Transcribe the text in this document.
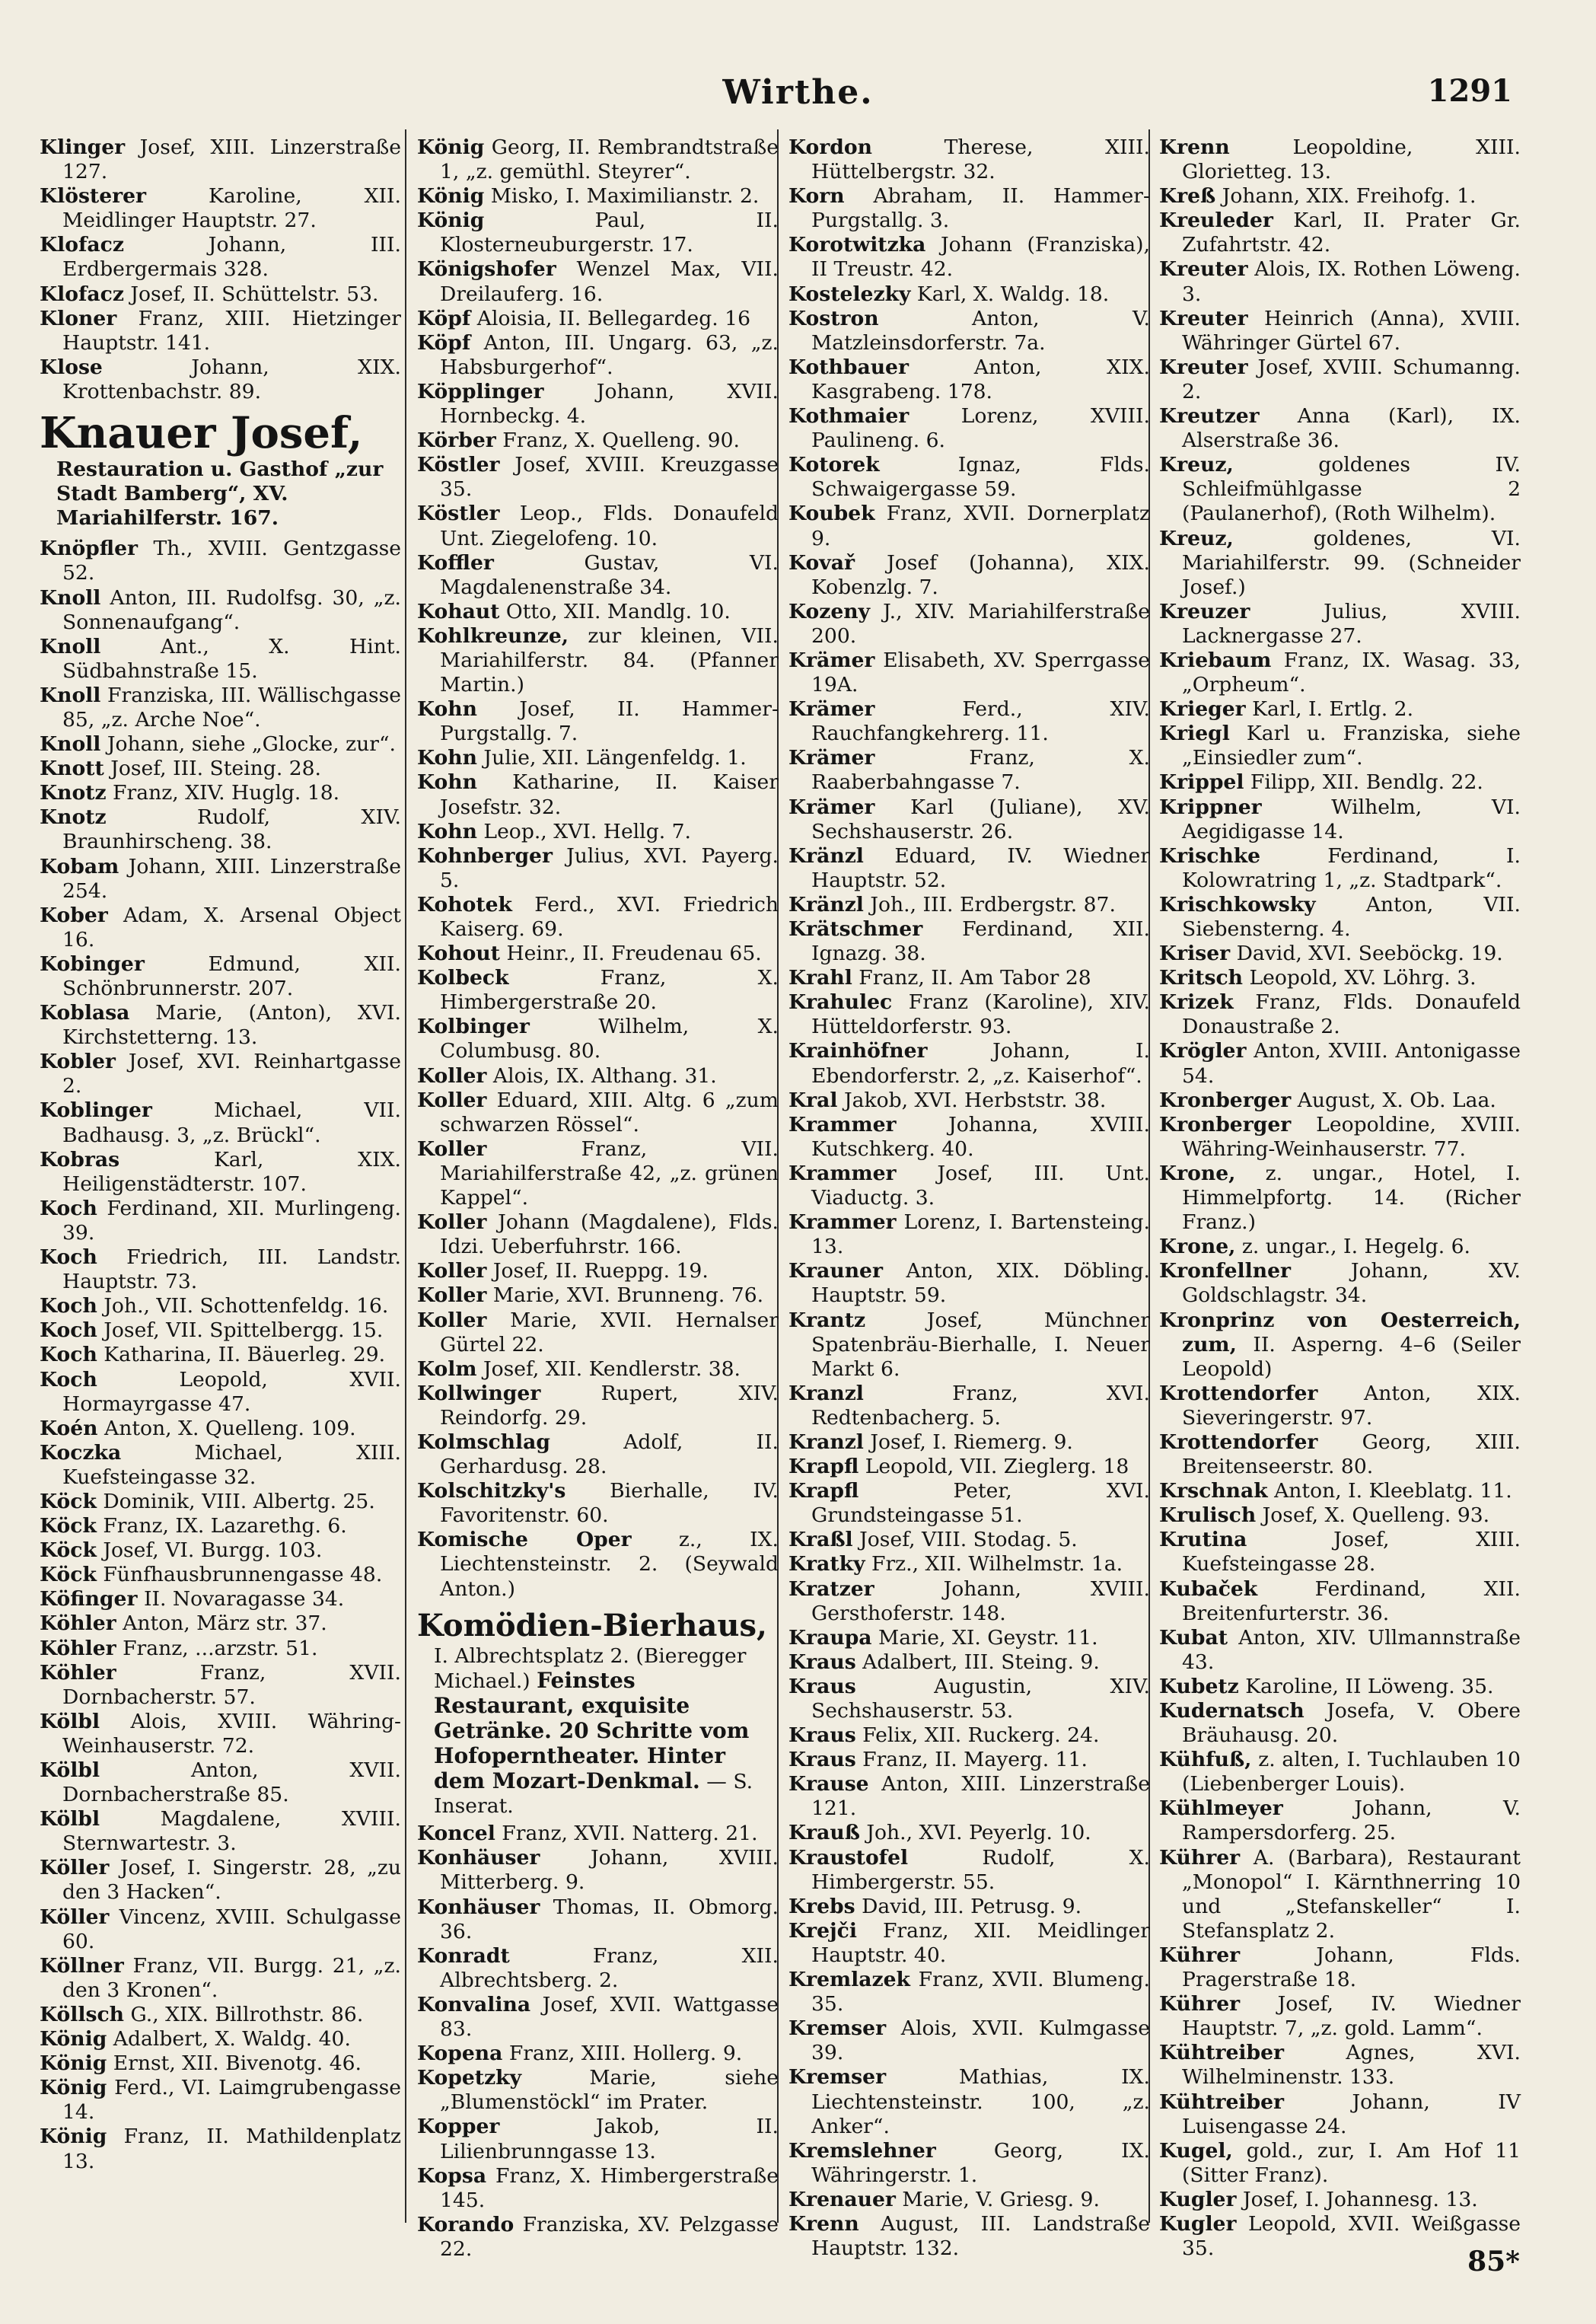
Wirthe.	1291
Klinger Josef, XIII. Linzerstraße 127.
Klösterer	Karoline, XII. Meidlinger Hauptstr. 27.
Klofacz	Johann, III. Erdbergermais 328.
Klofacz Josef, II. Schüttelstr. 53.
Kloner Franz, XIII. Hietzinger Hauptstr. 141.
Klose	Johann, XIX. Krottenbachstr. 89.
Knauer Josef,
Restauration u. Gasthof „zur Stadt Bamberg“, XV. Mariahilferstr. 167.
Knöpfler Th., XVIII. Gentzgasse 52.
Knoll Anton, III. Rudolfsg. 30, „z. Sonnenaufgang“.
Knoll	Ant., X. Hint. Südbahnstraße 15.
Knoll Franziska, III. Wällischgasse 85, „z. Arche Noe“.
Knoll Johann, siehe „Glocke, zur“.
Knott Josef, III. Steing. 28.
Knotz Franz, XIV. Huglg. 18.
Knotz	Rudolf, XIV. Braunhirscheng. 38.
Kobam Johann, XIII. Linzerstraße 254.
Kober Adam, X. Arsenal Object 16.
Kobinger	Edmund, XII. Schönbrunnerstr. 207.
Koblasa Marie, (Anton), XVI. Kirchstetterng. 13.
Kobler Josef, XVI. Reinhartgasse 2.
Koblinger	Michael, VII. Badhausg. 3, „z. Brückl“.
Kobras	Karl, XIX. Heiligenstädterstr. 107.
Koch Ferdinand, XII. Murlingeng. 39.
Koch Friedrich, III. Landstr. Hauptstr. 73.
Koch Joh., VII. Schottenfeldg. 16.
Koch Josef, VII. Spittelbergg. 15.
Koch Katharina, II. Bäuerleg. 29.
Koch	Leopold, XVII. Hormayrgasse 47.
Koén Anton, X. Quelleng. 109.
Koczka	Michael, XIII. Kuefsteingasse 32.
Köck Dominik, VIII. Albertg. 25.
Köck Franz, IX. Lazarethg. 6.
Köck Josef, VI. Burgg. 103.
Köck Fünfhausbrunnengasse 48.
Köfinger II. Novaragasse 34.
Köhler Anton, März str. 37.
Köhler Franz, ...arzstr. 51.
Köhler	Franz, XVII. Dornbacherstr. 57.
Kölbl Alois, XVIII. Währing-Weinhauserstr. 72.
Kölbl	Anton, XVII. Dornbacherstraße 85.
Kölbl	Magdalene, XVIII. Sternwartestr. 3.
Köller Josef, I. Singerstr. 28, „zu den 3 Hacken“.
Köller Vincenz, XVIII. Schulgasse 60.
Köllner Franz, VII. Burgg. 21, „z. den 3 Kronen“.
Köllsch G., XIX. Billrothstr. 86.
König Adalbert, X. Waldg. 40.
König Ernst, XII. Bivenotg. 46.
König Ferd., VI. Laimgrubengasse 14.
König Franz, II. Mathildenplatz 13.
König Georg, II. Rembrandtstraße 1, „z. gemüthl. Steyrer“.
König Misko, I. Maximilianstr. 2.
König	Paul, II. Klosterneuburgerstr. 17.
Königshofer Wenzel Max, VII. Dreilauferg. 16.
Köpf Aloisia, II. Bellegardeg. 16
Köpf Anton, III. Ungarg. 63, „z. Habsburgerhof“.
Köpplinger	Johann, XVII. Hornbeckg. 4.
Körber Franz, X. Quelleng. 90.
Köstler Josef, XVIII. Kreuzgasse 35.
Köstler Leop., Flds. Donaufeld Unt. Ziegelofeng. 10.
Koffler	Gustav, VI. Magdalenenstraße 34.
Kohaut Otto, XII. Mandlg. 10.
Kohlkreunze, zur kleinen, VII. Mariahilferstr. 84. (Pfanner Martin.)
Kohn Josef, II. Hammer-Purgstallg. 7.
Kohn Julie, XII. Längenfeldg. 1.
Kohn Katharine, II. Kaiser Josefstr. 32.
Kohn Leop., XVI. Hellg. 7.
Kohnberger Julius, XVI. Payerg. 5.
Kohotek Ferd., XVI. Friedrich Kaiserg. 69.
Kohout Heinr., II. Freudenau 65.
Kolbeck	Franz, X. Himbergerstraße 20.
Kolbinger	Wilhelm, X. Columbusg. 80.
Koller Alois, IX. Althang. 31.
Koller Eduard, XIII. Altg. 6 „zum schwarzen Rössel“.
Koller	Franz, VII. Mariahilferstraße 42, „z. grünen Kappel“.
Koller Johann (Magdalene), Flds. Idzi. Ueberfuhrstr. 166.
Koller Josef, II. Rueppg. 19.
Koller Marie, XVI. Brunneng. 76.
Koller Marie, XVII. Hernalser Gürtel 22.
Kolm Josef, XII. Kendlerstr. 38.
Kollwinger	Rupert, XIV. Reindorfg. 29.
Kolmschlag	Adolf, II. Gerhardusg. 28.
Kolschitzky's Bierhalle, IV. Favoritenstr. 60.
Komische Oper z., IX. Liechtensteinstr. 2. (Seywald Anton.)
Komödien-Bierhaus,
I. Albrechtsplatz 2. (Bieregger Michael.) Feinstes Restaurant, exquisite Getränke. 20 Schritte vom Hofoperntheater. Hinter dem Mozart-Denkmal. — S. Inserat.
Koncel Franz, XVII. Natterg. 21.
Konhäuser	Johann, XVIII. Mitterberg. 9.
Konhäuser Thomas, II. Obmorg. 36.
Konradt	Franz, XII. Albrechtsberg. 2.
Konvalina Josef, XVII. Wattgasse 83.
Kopena Franz, XIII. Hollerg. 9.
Kopetzky	Marie, siehe „Blumenstöckl“ im Prater.
Kopper	Jakob, II. Lilienbrunngasse 13.
Kopsa Franz, X. Himbergerstraße 145.
Korando Franziska, XV. Pelzgasse 22.
Kordon	Therese, XIII. Hüttelbergstr. 32.
Korn Abraham, II. Hammer-Purgstallg. 3.
Korotwitzka Johann (Franziska), II Treustr. 42.
Kostelezky Karl, X. Waldg. 18.
Kostron	Anton, V. Matzleinsdorferstr. 7a.
Kothbauer	Anton, XIX. Kasgrabeng. 178.
Kothmaier	Lorenz, XVIII. Paulineng. 6.
Kotorek	Ignaz, Flds. Schwaigergasse 59.
Koubek Franz, XVII. Dornerplatz 9.
Kovař Josef (Johanna), XIX. Kobenzlg. 7.
Kozeny J., XIV. Mariahilferstraße 200.
Krämer Elisabeth, XV. Sperrgasse 19A.
Krämer	Ferd., XIV. Rauchfangkehrerg. 11.
Krämer	Franz, X. Raaberbahngasse 7.
Krämer Karl (Juliane), XV. Sechshauserstr. 26.
Kränzl Eduard, IV. Wiedner Hauptstr. 52.
Kränzl Joh., III. Erdbergstr. 87.
Krätschmer Ferdinand, XII. Ignazg. 38.
Krahl Franz, II. Am Tabor 28
Krahulec Franz (Karoline), XIV. Hütteldorferstr. 93.
Krainhöfner	Johann, I. Ebendorferstr. 2, „z. Kaiserhof“.
Kral Jakob, XVI. Herbststr. 38.
Krammer	Johanna, XVIII. Kutschkerg. 40.
Krammer Josef, III. Unt. Viaductg. 3.
Krammer Lorenz, I. Bartensteing. 13.
Krauner Anton, XIX. Döbling. Hauptstr. 59.
Krantz	Josef, Münchner Spatenbräu-Bierhalle, I. Neuer Markt 6.
Kranzl	Franz, XVI. Redtenbacherg. 5.
Kranzl Josef, I. Riemerg. 9.
Krapfl Leopold, VII. Zieglerg. 18
Krapfl	Peter, XVI. Grundsteingasse 51.
Kraßl Josef, VIII. Stodag. 5.
Kratky Frz., XII. Wilhelmstr. 1a.
Kratzer	Johann, XVIII. Gersthoferstr. 148.
Kraupa Marie, XI. Geystr. 11.
Kraus Adalbert, III. Steing. 9.
Kraus	Augustin, XIV. Sechshauserstr. 53.
Kraus Felix, XII. Ruckerg. 24.
Kraus Franz, II. Mayerg. 11.
Krause Anton, XIII. Linzerstraße 121.
Krauß Joh., XVI. Peyerlg. 10.
Kraustofel	Rudolf, X. Himbergerstr. 55.
Krebs David, III. Petrusg. 9.
Krejči Franz, XII. Meidlinger Hauptstr. 40.
Kremlazek Franz, XVII. Blumeng. 35.
Kremser Alois, XVII. Kulmgasse 39.
Kremser	Mathias, IX. Liechtensteinstr. 100, „z. Anker“.
Kremslehner	Georg, IX. Währingerstr. 1.
Krenauer Marie, V. Griesg. 9.
Krenn August, III. Landstraße Hauptstr. 132.
Krenn	Leopoldine, XIII. Glorietteg. 13.
Kreß Johann, XIX. Freihofg. 1.
Kreuleder Karl, II. Prater Gr. Zufahrtstr. 42.
Kreuter Alois, IX. Rothen Löweng. 3.
Kreuter Heinrich (Anna), XVIII. Währinger Gürtel 67.
Kreuter Josef, XVIII. Schumanng. 2.
Kreutzer Anna (Karl), IX. Alserstraße 36.
Kreuz,	goldenes IV. Schleifmühlgasse 2 (Paulanerhof), (Roth Wilhelm).
Kreuz,	goldenes, VI. Mariahilferstr. 99. (Schneider Josef.)
Kreuzer	Julius, XVIII. Lacknergasse 27.
Kriebaum Franz, IX. Wasag. 33, „Orpheum“.
Krieger Karl, I. Ertlg. 2.
Kriegl Karl u. Franziska, siehe „Einsiedler zum“.
Krippel Filipp, XII. Bendlg. 22.
Krippner	Wilhelm, VI. Aegidigasse 14.
Krischke	Ferdinand, I. Kolowratring 1, „z. Stadtpark“.
Krischkowsky Anton, VII. Siebensterng. 4.
Kriser David, XVI. Seeböckg. 19.
Kritsch Leopold, XV. Löhrg. 3.
Krizek Franz, Flds. Donaufeld Donaustraße 2.
Krögler Anton, XVIII. Antonigasse 54.
Kronberger August, X. Ob. Laa.
Kronberger Leopoldine, XVIII. Währing-Weinhauserstr. 77.
Krone, z. ungar., Hotel, I. Himmelpfortg. 14. (Richer Franz.)
Krone, z. ungar., I. Hegelg. 6.
Kronfellner	Johann, XV. Goldschlagstr. 34.
Kronprinz von Oesterreich, zum, II. Asperng. 4–6 (Seiler Leopold)
Krottendorfer Anton, XIX. Sieveringerstr. 97.
Krottendorfer Georg, XIII. Breitenseerstr. 80.
Krschnak Anton, I. Kleeblatg. 11.
Krulisch Josef, X. Quelleng. 93.
Krutina	Josef, XIII. Kuefsteingasse 28.
Kubaček	Ferdinand, XII. Breitenfurterstr. 36.
Kubat Anton, XIV. Ullmannstraße 43.
Kubetz Karoline, II Löweng. 35.
Kudernatsch Josefa, V. Obere Bräuhausg. 20.
Kühfuß, z. alten, I. Tuchlauben 10 (Liebenberger Louis).
Kühlmeyer	Johann, V. Rampersdorferg. 25.
Kührer A. (Barbara), Restaurant „Monopol“ I. Kärnthnerring 10 und „Stefanskeller“ I. Stefansplatz 2.
Kührer	Johann, Flds. Pragerstraße 18.
Kührer Josef, IV. Wiedner Hauptstr. 7, „z. gold. Lamm“.
Kühtreiber	Agnes, XVI. Wilhelminenstr. 133.
Kühtreiber	Johann, IV Luisengasse 24.
Kugel, gold., zur, I. Am Hof 11 (Sitter Franz).
Kugler Josef, I. Johannesg. 13.
Kugler Leopold, XVII. Weißgasse 35.	85*
